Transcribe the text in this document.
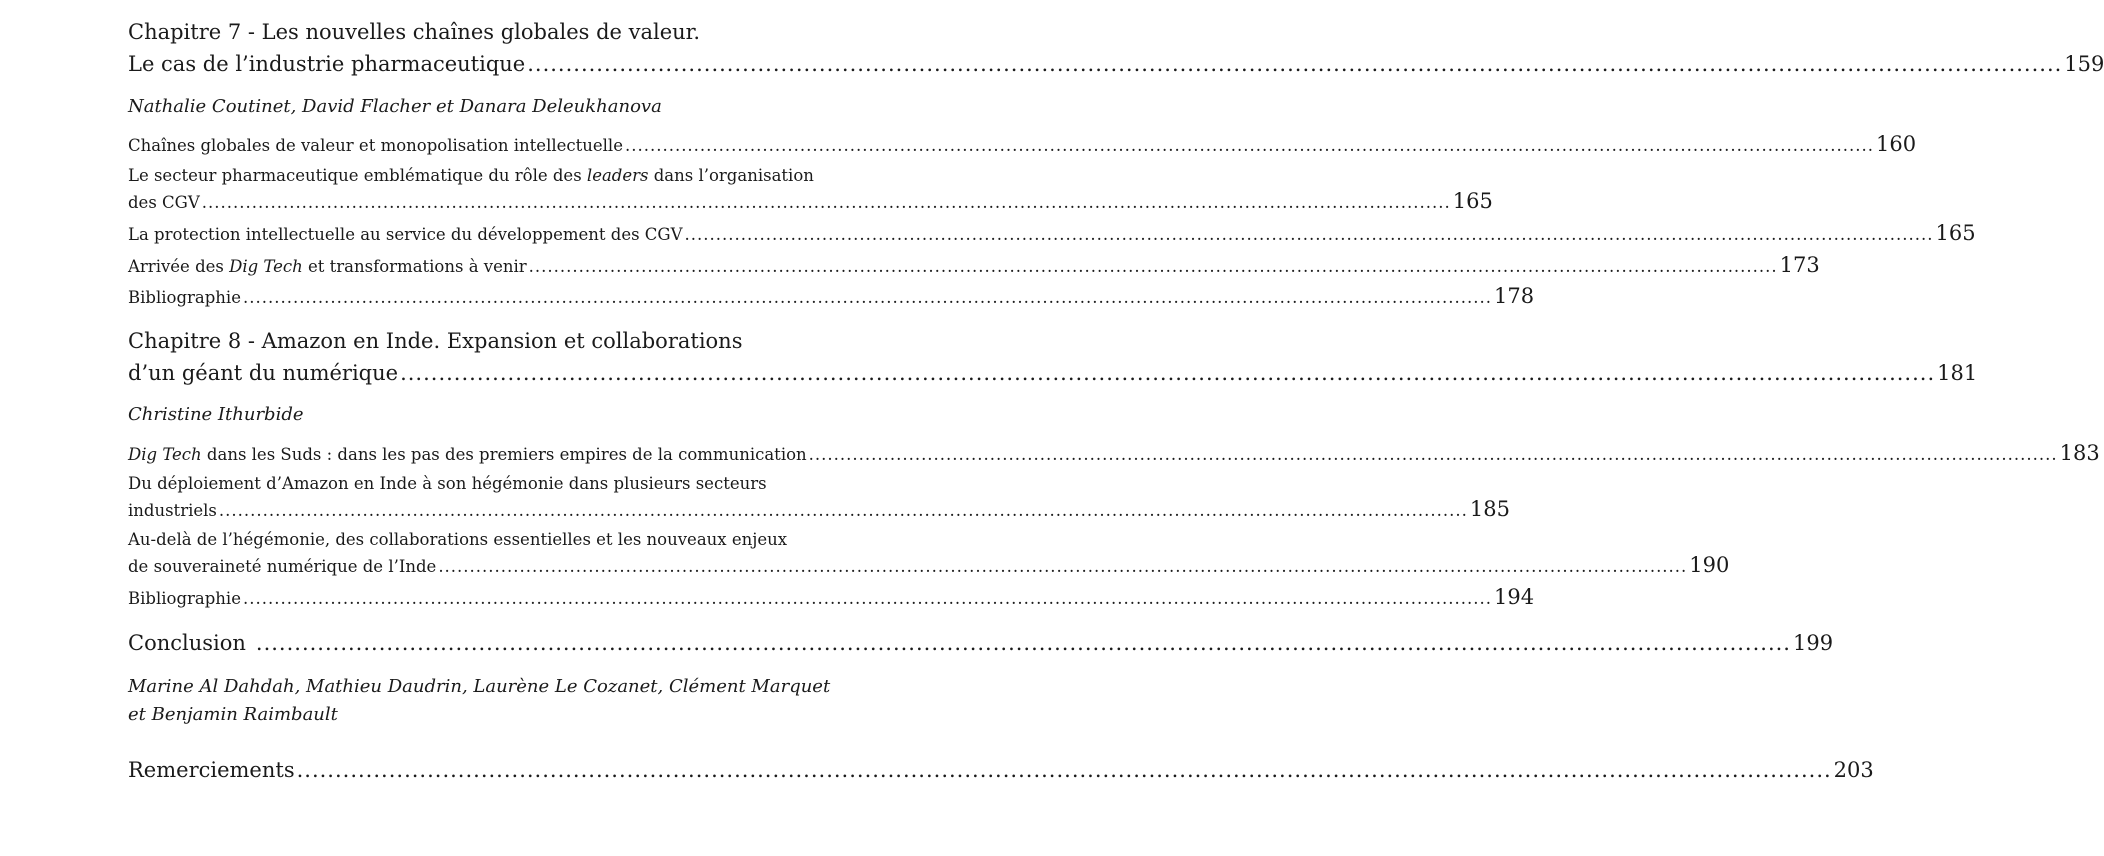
Chapitre 7 - Les nouvelles chaînes globales de valeur.
Le cas de l’industrie pharmaceutique ........................................................................................................................................................................................................ 159
Nathalie Coutinet, David Flacher et Danara Deleukhanova
Chaînes globales de valeur et monopolisation intellectuelle ........................................................................................................................................................................................................ 160
Le secteur pharmaceutique emblématique du rôle des leaders dans l’organisation
des CGV ........................................................................................................................................................................................................ 165
La protection intellectuelle au service du développement des CGV ........................................................................................................................................................................................................ 165
Arrivée des Dig Tech et transformations à venir ........................................................................................................................................................................................................ 173
Bibliographie ........................................................................................................................................................................................................ 178
Chapitre 8 - Amazon en Inde. Expansion et collaborations
d’un géant du numérique ........................................................................................................................................................................................................ 181
Christine Ithurbide
Dig Tech dans les Suds : dans les pas des premiers empires de la communication ........................................................................................................................................................................................................ 183
Du déploiement d’Amazon en Inde à son hégémonie dans plusieurs secteurs
industriels ........................................................................................................................................................................................................ 185
Au-delà de l’hégémonie, des collaborations essentielles et les nouveaux enjeux
de souveraineté numérique de l’Inde ........................................................................................................................................................................................................ 190
Bibliographie ........................................................................................................................................................................................................ 194
Conclusion ........................................................................................................................................................................................................ 199
Marine Al Dahdah, Mathieu Daudrin, Laurène Le Cozanet, Clément Marquet
et Benjamin Raimbault
Remerciements ........................................................................................................................................................................................................ 203
